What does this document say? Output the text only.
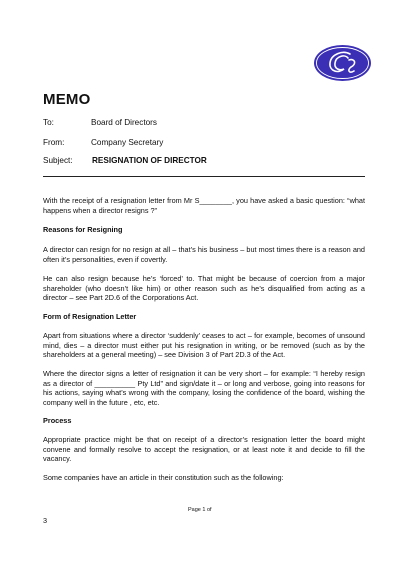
MEMO
To:	Board of Directors
From:	Company Secretary
Subject: RESIGNATION OF DIRECTOR

With the receipt of a resignation letter from Mr S________, you have asked a basic question: “what happens when a director resigns ?”

Reasons for Resigning

A director can resign for no resign at all – that’s his business – but most times there is a reason and often it’s personalities, even if covertly.

He can also resign because he’s ‘forced’ to. That might be because of coercion from a major shareholder (who doesn’t like him) or other reason such as he’s disqualified from acting as a director – see Part 2D.6 of the Corporations Act.

Form of Resignation Letter

Apart from situations where a director ‘suddenly’ ceases to act – for example, becomes of unsound mind, dies – a director must either put his resignation in writing, or be removed (such as by the shareholders at a general meeting) – see Division 3 of Part 2D.3 of the Act.

Where the director signs a letter of resignation it can be very short – for example: “I hereby resign as a director of __________ Pty Ltd” and sign/date it – or long and verbose, going into reasons for his actions, saying what’s wrong with the company, losing the confidence of the board, wishing the company well in the future , etc, etc.

Process

Appropriate practice might be that on receipt of a director’s resignation letter the board might convene and formally resolve to accept the resignation, or at least note it and decide to fill the vacancy.

Some companies have an article in their constitution such as the following:

Page 1 of
3
